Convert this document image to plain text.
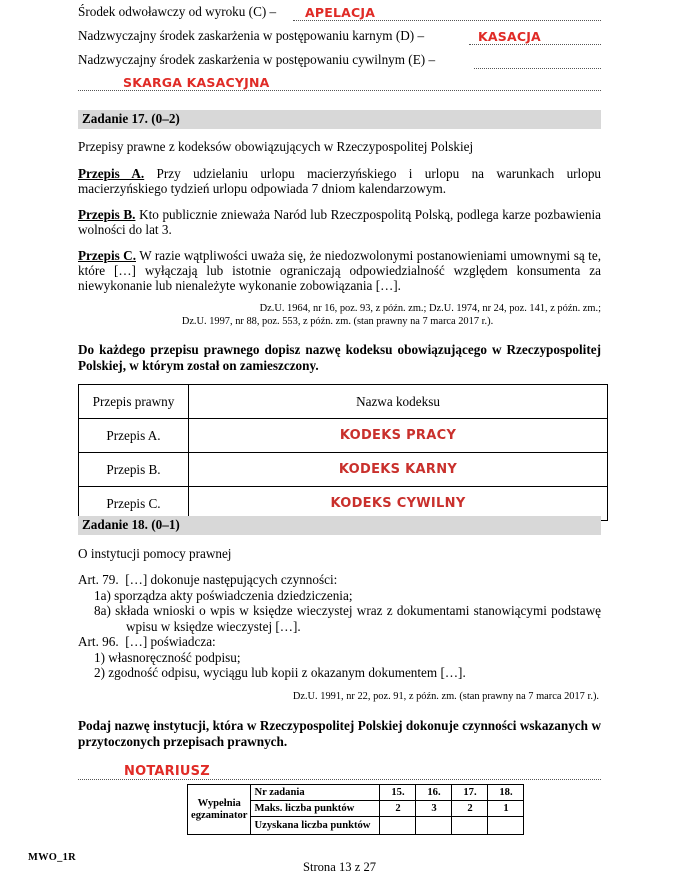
Środek odwoławczy od wyroku (C) – APELACJA
Nadzwyczajny środek zaskarżenia w postępowaniu karnym (D) –	KASACJA
Nadzwyczajny środek zaskarżenia w postępowaniu cywilnym (E) –
SKARGA KASACYJNA
Zadanie 17. (0–2)

Przepisy prawne z kodeksów obowiązujących w Rzeczypospolitej Polskiej

Przepis A. Przy udzielaniu urlopu macierzyńskiego i urlopu na warunkach urlopu macierzyńskiego tydzień urlopu odpowiada 7 dniom kalendarzowym.

Przepis B. Kto publicznie znieważa Naród lub Rzeczpospolitą Polską, podlega karze pozbawienia wolności do lat 3.

Przepis C. W razie wątpliwości uważa się, że niedozwolonymi postanowieniami umownymi są te, które […] wyłączają lub istotnie ograniczają odpowiedzialność względem konsumenta za niewykonanie lub nienależyte wykonanie zobowiązania […].

Dz.U. 1964, nr 16, poz. 93, z późn. zm.; Dz.U. 1974, nr 24, poz. 141, z późn. zm.;

Dz.U. 1997, nr 88, poz. 553, z późn. zm. (stan prawny na 7 marca 2017 r.).

Do każdego przepisu prawnego dopisz nazwę kodeksu obowiązującego w Rzeczypospolitej Polskiej, w którym został on zamieszczony.

Przepis prawny	Nazwa kodeksu
Przepis A.	KODEKS PRACY
Przepis B.	KODEKS KARNY
Przepis C.	KODEKS CYWILNY
Zadanie 18. (0–1)

O instytucji pomocy prawnej

Art. 79. […] dokonuje następujących czynności:

1a) sporządza akty poświadczenia dziedziczenia;

8a) składa wnioski o wpis w księdze wieczystej wraz z dokumentami stanowiącymi podstawę wpisu w księdze wieczystej […].

Art. 96. […] poświadcza:

1) własnoręczność podpisu;

2) zgodność odpisu, wyciągu lub kopii z okazanym dokumentem […].

Dz.U. 1991, nr 22, poz. 91, z późn. zm. (stan prawny na 7 marca 2017 r.).

Podaj nazwę instytucji, która w Rzeczypospolitej Polskiej dokonuje czynności wskazanych w przytoczonych przepisach prawnych.

NOTARIUSZ
Wypełnia
egzaminator	Nr zadania	15.	16.	17.	18.
	Maks. liczba punktów	2	3	2	1
	Uzyskana liczba punktów				
MWO_1R
Strona 13 z 27
